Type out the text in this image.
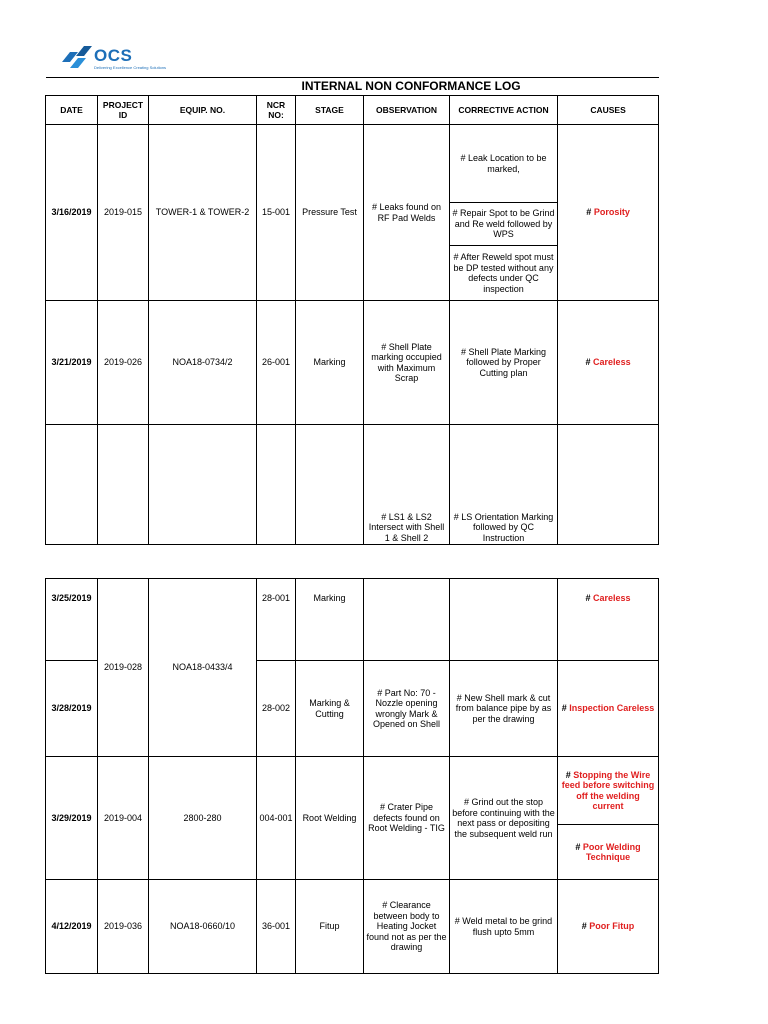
OCS
Delivering Excellence Creating Solutions
INTERNAL NON CONFORMANCE LOG							
DATE	PROJECT ID	EQUIP. NO.	NCR NO:	STAGE	OBSERVATION	CORRECTIVE ACTION	CAUSES
3/16/2019	2019-015	TOWER-1 & TOWER-2	15-001	Pressure Test	# Leaks found on RF Pad Welds	# Leak Location to be marked,	# Porosity
						# Repair Spot to be Grind and Re weld followed by WPS	
						# After Reweld spot must be DP tested without any defects under QC inspection	
3/21/2019	2019-026	NOA18-0734/2	26-001	Marking	# Shell Plate marking occupied with Maximum Scrap	# Shell Plate Marking followed by Proper Cutting plan	# Careless
					# LS1 & LS2 Intersect with Shell 1 & Shell 2	# LS Orientation Marking followed by QC Instruction	
3/25/2019	2019-028	NOA18-0433/4	28-001	Marking			# Careless
3/28/2019			28-002	Marking & Cutting	# Part No: 70 - Nozzle opening wrongly Mark & Opened on Shell	# New Shell mark & cut from balance pipe by as per the drawing	# Inspection Careless
3/29/2019	2019-004	2800-280	004-001	Root Welding	# Crater Pipe defects found on Root Welding - TIG	# Grind out the stop before continuing with the next pass or depositing the subsequent weld run	# Stopping the Wire feed before switching off the welding current
							# Poor Welding Technique
4/12/2019	2019-036	NOA18-0660/10	36-001	Fitup	# Clearance between body to Heating Jocket found not as per the drawing	# Weld metal to be grind flush upto 5mm	# Poor Fitup
